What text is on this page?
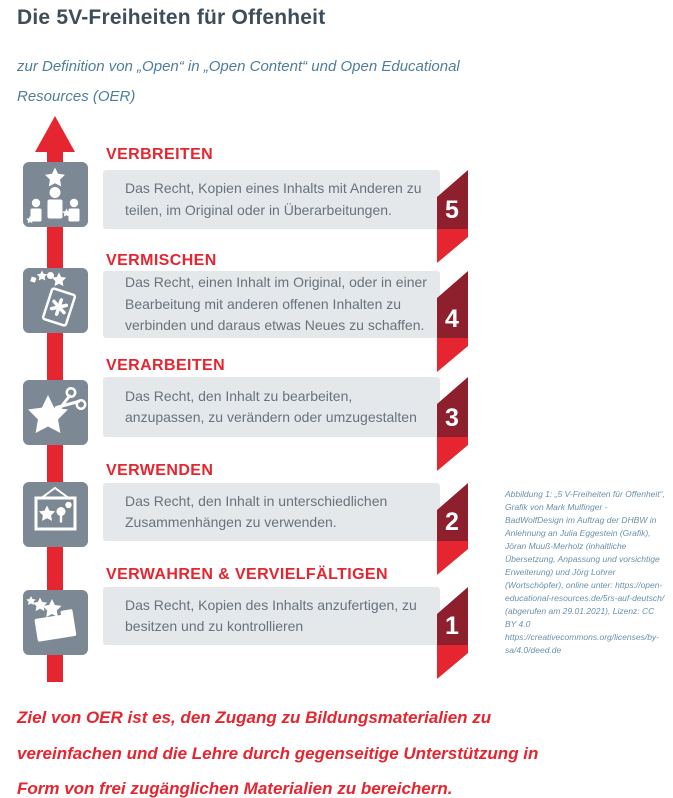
Die 5V-Freiheiten für Offenheit

zur Definition von „Open“ in „Open Content“ und Open Educational Resources (OER)

VERBREITEN

Das Recht, Kopien eines Inhalts mit Anderen zu teilen, im Original oder in Überarbeitungen.	5
VERMISCHEN

Das Recht, einen Inhalt im Original, oder in einer Bearbeitung mit anderen offenen Inhalten zu verbinden und daraus etwas Neues zu schaffen. 4
VERARBEITEN

Das Recht, den Inhalt zu bearbeiten, anzupassen, zu verändern oder umzugestalten	3
VERWENDEN

Das Recht, den Inhalt in unterschiedlichen Zusammenhängen zu verwenden.	2
VERWAHREN & VERVIELFÄLTIGEN

Das Recht, Kopien des Inhalts anzufertigen, zu besitzen und zu kontrollieren	1

Abbildung 1: „5 V-Freiheiten für Offenheit“, Grafik von Mark Mulfinger - BadWolfDesign im Auftrag der DHBW in Anlehnung an Julia Eggestein (Grafik), Jöran Muuß-Merholz (inhaltliche Übersetzung, Anpassung und vorsichtige Erweiterung) und Jörg Lohrer (Wortschöpfer), online unter: https://open-educational-resources.de/5rs-auf-deutsch/

(abgerufen am 29.01.2021), Lizenz: CC BY 4.0 https://creativecommons.org/licenses/by-sa/4.0/deed.de

Ziel von OER ist es, den Zugang zu Bildungsmaterialien zu vereinfachen und die Lehre durch gegenseitige Unterstützung in Form von frei zugänglichen Materialien zu bereichern.
